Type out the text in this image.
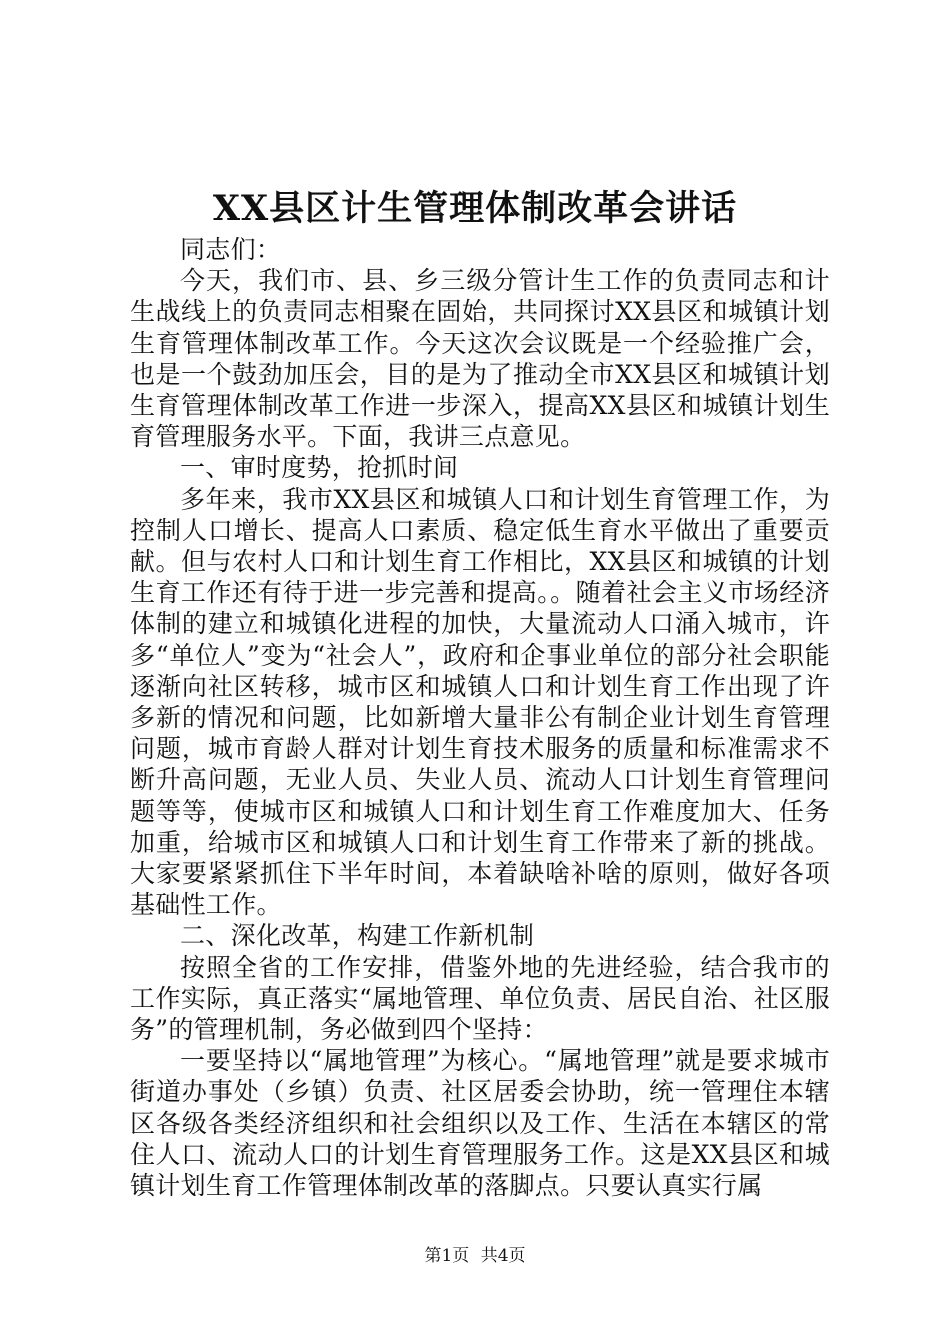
XX县区计生管理体制改革会讲话

同志们：

今天，我们市、县、乡三级分管计生工作的负责同志和计生战线上的负责同志相聚在固始，共同探讨XX县区和城镇计划生育管理体制改革工作。今天这次会议既是一个经验推广会，也是一个鼓劲加压会，目的是为了推动全市XX县区和城镇计划生育管理体制改革工作进一步深入，提高XX县区和城镇计划生育管理服务水平。下面，我讲三点意见。

一、审时度势，抢抓时间

多年来，我市XX县区和城镇人口和计划生育管理工作，为控制人口增长、提高人口素质、稳定低生育水平做出了重要贡献。但与农村人口和计划生育工作相比，XX县区和城镇的计划生育工作还有待于进一步完善和提高。。随着社会主义市场经济体制的建立和城镇化进程的加快，大量流动人口涌入城市，许多“单位人”变为“社会人”，政府和企事业单位的部分社会职能逐渐向社区转移，城市区和城镇人口和计划生育工作出现了许多新的情况和问题，比如新增大量非公有制企业计划生育管理问题，城市育龄人群对计划生育技术服务的质量和标准需求不断升高问题，无业人员、失业人员、流动人口计划生育管理问题等等，使城市区和城镇人口和计划生育工作难度加大、任务加重，给城市区和城镇人口和计划生育工作带来了新的挑战。大家要紧紧抓住下半年时间，本着缺啥补啥的原则，做好各项基础性工作。

二、深化改革，构建工作新机制

按照全省的工作安排，借鉴外地的先进经验，结合我市的工作实际，真正落实“属地管理、单位负责、居民自治、社区服务”的管理机制，务必做到四个坚持：

一要坚持以“属地管理”为核心。“属地管理”就是要求城市街道办事处（乡镇）负责、社区居委会协助，统一管理住本辖区各级各类经济组织和社会组织以及工作、生活在本辖区的常住人口、流动人口的计划生育管理服务工作。这是XX县区和城镇计划生育工作管理体制改革的落脚点。只要认真实行属

第1页 共4页
